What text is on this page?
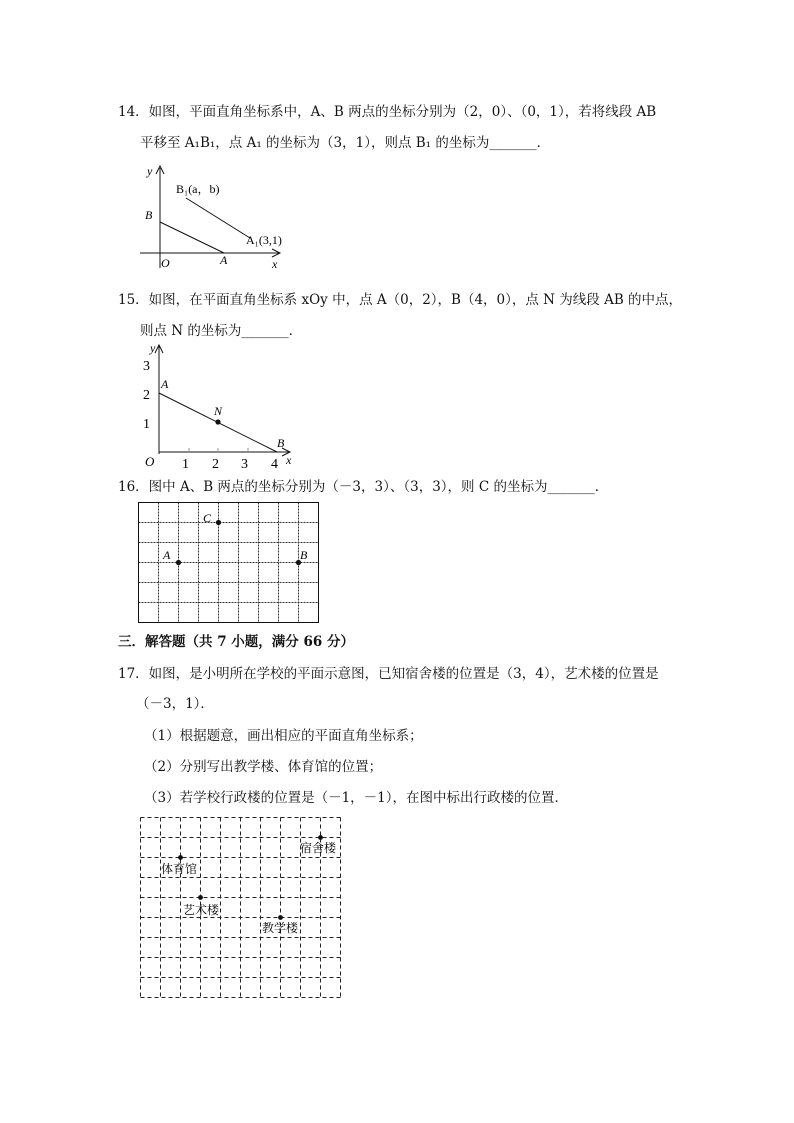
14．如图，平面直角坐标系中，A、B 两点的坐标分别为（2，0）、（0，1），若将线段 AB
平移至 A₁B₁，点 A₁ 的坐标为（3，1），则点 B₁ 的坐标为_______．
y
x
O	A
B
B₁(a，b)
A₁(3,1)
15．如图，在平面直角坐标系 xOy 中，点 A（0，2），B（4，0），点 N 为线段 AB 的中点，
则点 N 的坐标为_______．
y
x
O 1 2 3 4
1
2
3
A
B
N
16．图中 A、B 两点的坐标分别为（－3，3）、（3，3），则 C 的坐标为_______．
C
A	B
三．解答题（共 7 小题，满分 66 分）
17．如图，是小明所在学校的平面示意图，已知宿舍楼的位置是（3，4），艺术楼的位置是
（－3，1）．
（1）根据题意，画出相应的平面直角坐标系；
（2）分别写出教学楼、体育馆的位置；
（3）若学校行政楼的位置是（－1，－1），在图中标出行政楼的位置．
宿舍楼
体育馆
艺术楼
教学楼
